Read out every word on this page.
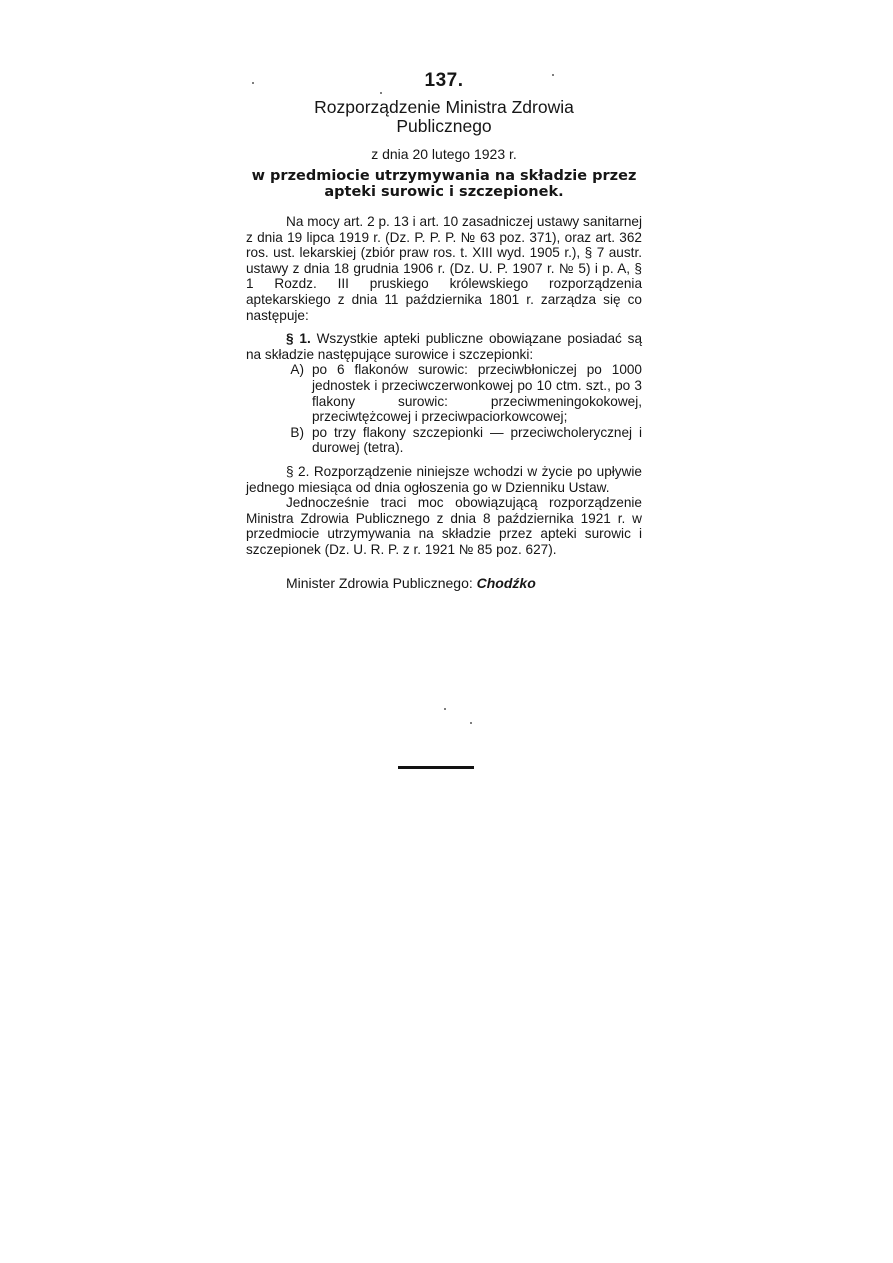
137.
Rozporządzenie Ministra Zdrowia
Publicznego
z dnia 20 lutego 1923 r.
w przedmiocie utrzymywania na składzie przez
apteki surowic i szczepionek.

Na mocy art. 2 p. 13 i art. 10 zasadniczej ustawy sanitarnej z dnia 19 lipca 1919 r. (Dz. P. P. P. № 63 poz. 371), oraz art. 362 ros. ust. lekarskiej (zbiór praw ros. t. XIII wyd. 1905 r.), § 7 austr. ustawy z dnia 18 grudnia 1906 r. (Dz. U. P. 1907 r. № 5) i p. A, § 1 Rozdz. III pruskiego królewskiego rozporządzenia aptekarskiego z dnia 11 października 1801 r. zarządza się co następuje:

§ 1. Wszystkie apteki publiczne obowiązane posiadać są na składzie następujące surowice i szczepionki:

A) po 6 flakonów surowic: przeciwbłoniczej po 1000 jednostek i przeciwczerwonkowej po 10 ctm. szt., po 3 flakony surowic: przeciwmeningokokowej, przeciwtężcowej i przeciwpaciorkowcowej;
B) po trzy flakony szczepionki — przeciwcholerycznej i durowej (tetra).

§ 2. Rozporządzenie niniejsze wchodzi w życie po upływie jednego miesiąca od dnia ogłoszenia go w Dzienniku Ustaw.

Jednocześnie traci moc obowiązującą rozporządzenie Ministra Zdrowia Publicznego z dnia 8 października 1921 r. w przedmiocie utrzymywania na składzie przez apteki surowic i szczepionek (Dz. U. R. P. z r. 1921 № 85 poz. 627).

Minister Zdrowia Publicznego: Chodźko
